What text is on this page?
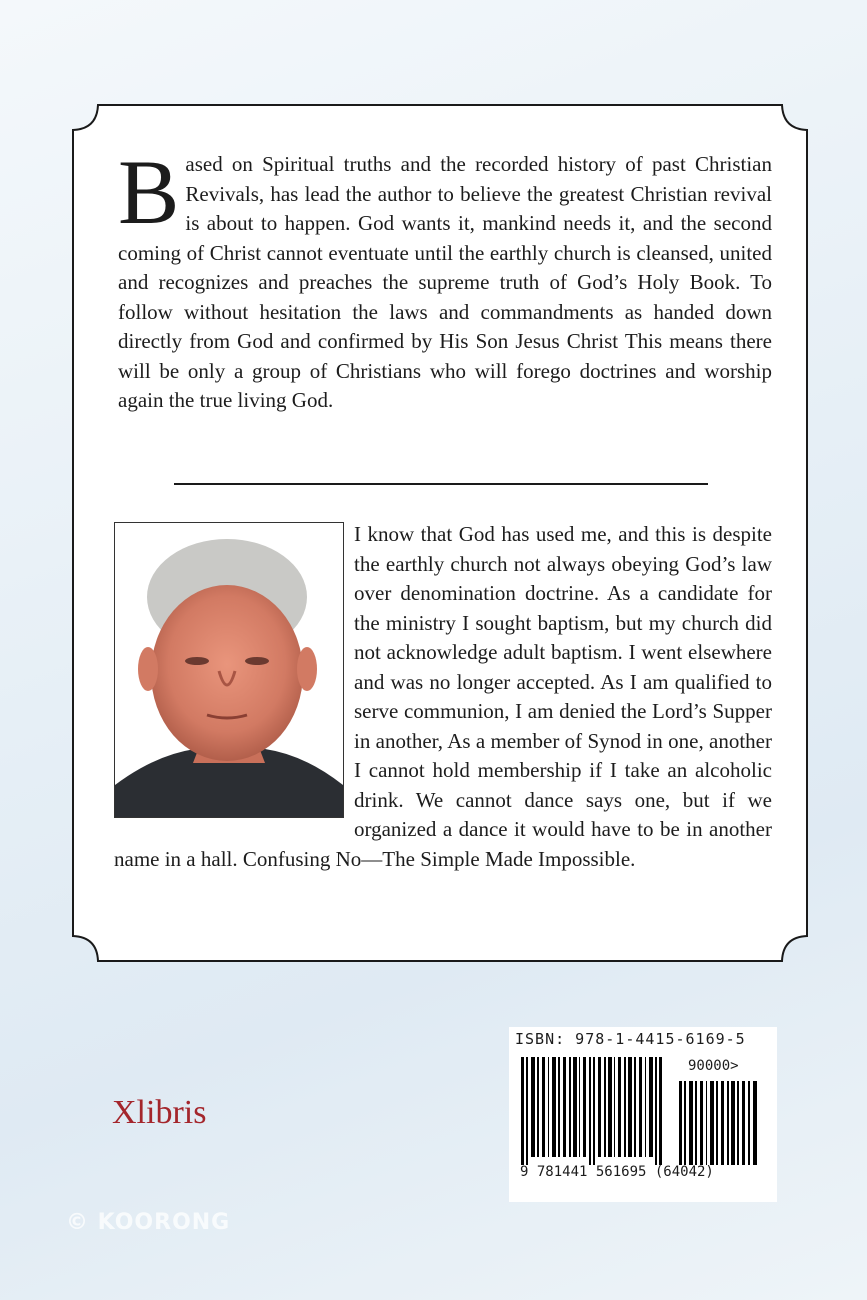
Based on Spiritual truths and the recorded history of past Christian Revivals, has lead the author to believe the greatest Christian revival is about to happen. God wants it, mankind needs it, and the second coming of Christ cannot eventuate until the earthly church is cleansed, united and recognizes and preaches the supreme truth of God’s Holy Book. To follow without hesitation the laws and commandments as handed down directly from God and confirmed by His Son Jesus Christ This means there will be only a group of Christians who will forego doctrines and worship again the true living God.

I know that God has used me, and this is despite the earthly church not always obeying God’s law over denomination doctrine. As a candidate for the ministry I sought baptism, but my church did not acknowledge adult baptism. I went elsewhere and was no longer accepted. As I am qualified to serve communion, I am denied the Lord’s Supper in another, As a member of Synod in one, another I cannot hold membership if I take an alcoholic drink. We cannot dance says one, but if we organized a dance it would have to be in another name in a hall. Confusing No—The Simple Made Impossible.

ISBN: 978-1-4415-6169-5
90000>
9 781441 561695 (64042)
Xlibris
© KOORONG
